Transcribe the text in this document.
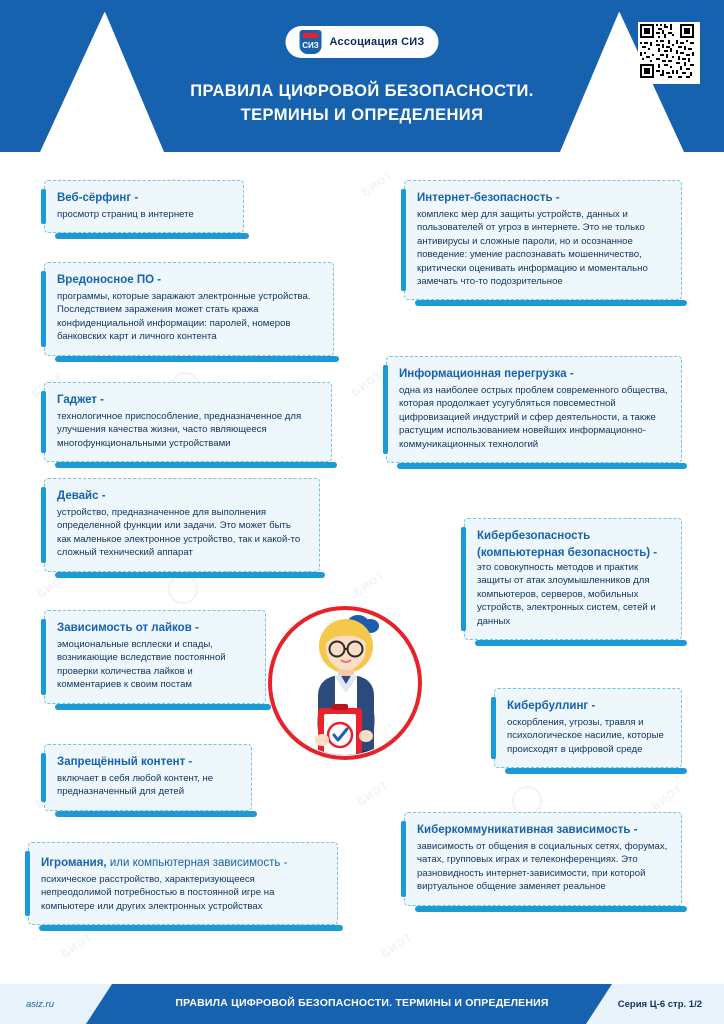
БИОТ
БИОТ
БИОТ	БИОТ
БИОТ	БИОТ
БИОТ	БИОТ
СИЗ Ассоциация СИЗ
ПРАВИЛА ЦИФРОВОЙ БЕЗОПАСНОСТИ.
ТЕРМИНЫ И ОПРЕДЕЛЕНИЯ
Веб-сёрфинг -
просмотр страниц в интернете
Интернет-безопасность -
комплекс мер для защиты устройств, данных и пользователей от угроз в интернете. Это не только антивирусы и сложные пароли, но и осознанное поведение: умение распознавать мошенничество, критически оценивать информацию и моментально замечать что-то подозрительное
Вредоносное ПО -
программы, которые заражают электронные устройства. Последствием заражения может стать кража конфиденциальной информации: паролей, номеров банковских карт и личного контента
Информационная перегрузка -
одна из наиболее острых проблем современного общества, которая продолжает усугубляться повсеместной цифровизацией индустрий и сфер деятельности, а также растущим использованием новейших информационно-коммуникационных технологий
Гаджет -
технологичное приспособление, предназначенное для улучшения качества жизни, часто являющееся многофункциональными устройствами
Девайс -
устройство, предназначенное для выполнения определенной функции или задачи. Это может быть как маленькое электронное устройство, так и какой-то сложный технический аппарат
Кибербезопасность
(компьютерная безопасность) -
это совокупность методов и практик защиты от атак злоумышленников для компьютеров, серверов, мобильных устройств, электронных систем, сетей и данных
Зависимость от лайков -
эмоциональные всплески и спады, возникающие вследствие постоянной проверки количества лайков и комментариев к своим постам
Кибербуллинг -
оскорбления, угрозы, травля и психологическое насилие, которые происходят в цифровой среде
Запрещённый контент -
включает в себя любой контент, не предназначенный для детей
Киберкоммуникативная зависимость -
зависимость от общения в социальных сетях, форумах, чатах, групповых играх и телеконференциях. Это разновидность интернет-зависимости, при которой виртуальное общение заменяет реальное
Игромания, или компьютерная зависимость -
психическое расстройство, характеризующееся непреодолимой потребностью в постоянной игре на компьютере или других электронных устройствах
asiz.ru	ПРАВИЛА ЦИФРОВОЙ БЕЗОПАСНОСТИ. ТЕРМИНЫ И ОПРЕДЕЛЕНИЯ	Серия Ц-6 стр. 1/2
